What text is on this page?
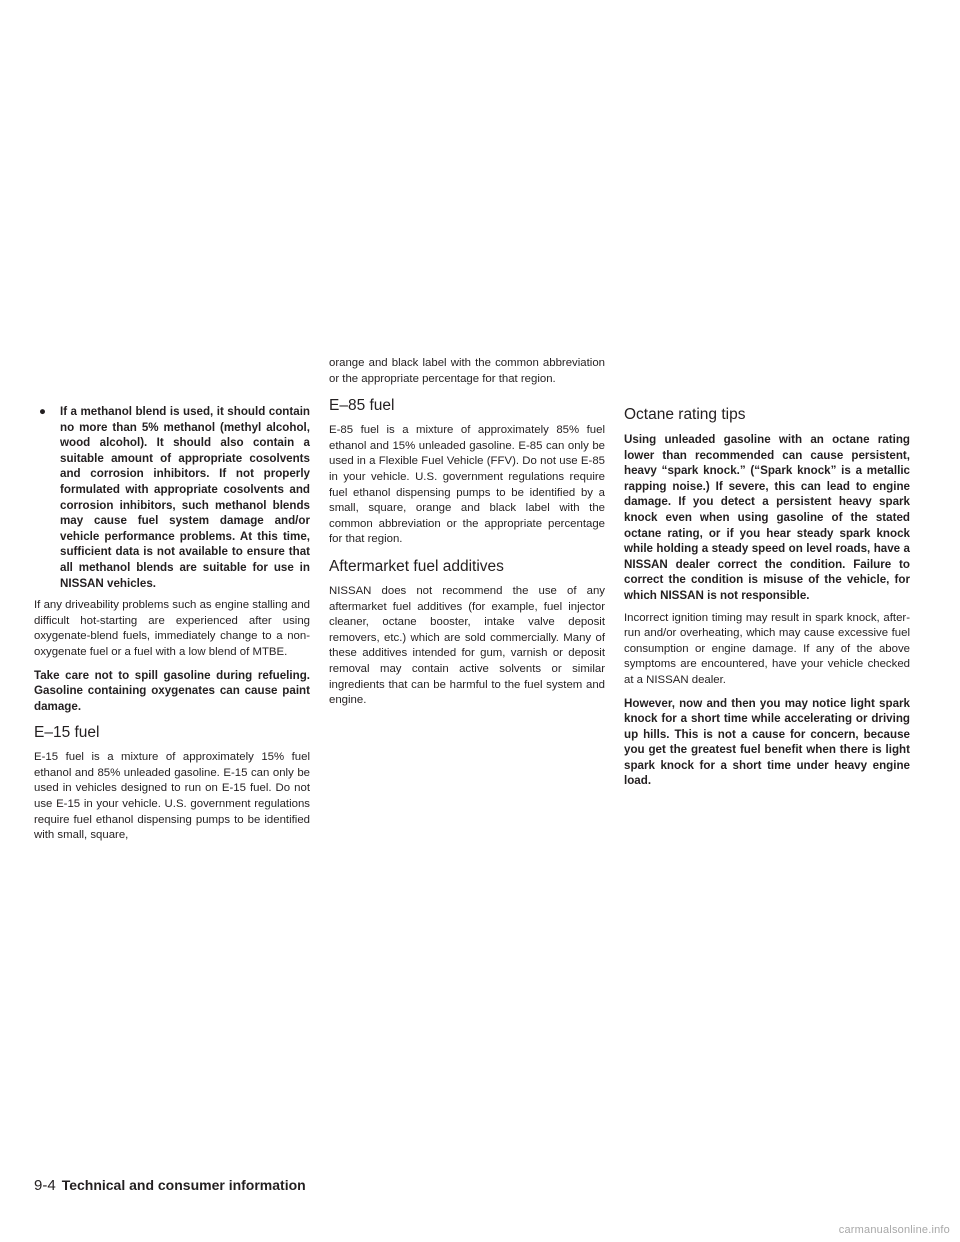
● If a methanol blend is used, it should contain no more than 5% methanol (methyl alcohol, wood alcohol). It should also contain a suitable amount of appropriate cosolvents and corrosion inhibitors. If not properly formulated with appropriate cosolvents and corrosion inhibitors, such methanol blends may cause fuel system damage and/or vehicle performance problems. At this time, sufficient data is not available to ensure that all methanol blends are suitable for use in NISSAN vehicles.

If any driveability problems such as engine stalling and difficult hot-starting are experienced after using oxygenate-blend fuels, immediately change to a non-oxygenate fuel or a fuel with a low blend of MTBE.

Take care not to spill gasoline during refueling. Gasoline containing oxygenates can cause paint damage.

E–15 fuel

E-15 fuel is a mixture of approximately 15% fuel ethanol and 85% unleaded gasoline. E-15 can only be used in vehicles designed to run on E-15 fuel. Do not use E-15 in your vehicle. U.S. government regulations require fuel ethanol dispensing pumps to be identified with small, square,

orange and black label with the common abbreviation or the appropriate percentage for that region.

E–85 fuel

E-85 fuel is a mixture of approximately 85% fuel ethanol and 15% unleaded gasoline. E-85 can only be used in a Flexible Fuel Vehicle (FFV). Do not use E-85 in your vehicle. U.S. government regulations require fuel ethanol dispensing pumps to be identified by a small, square, orange and black label with the common abbreviation or the appropriate percentage for that region.

Aftermarket fuel additives

NISSAN does not recommend the use of any aftermarket fuel additives (for example, fuel injector cleaner, octane booster, intake valve deposit removers, etc.) which are sold commercially. Many of these additives intended for gum, varnish or deposit removal may contain active solvents or similar ingredients that can be harmful to the fuel system and engine.

Octane rating tips

Using unleaded gasoline with an octane rating lower than recommended can cause persistent, heavy “spark knock.” (“Spark knock” is a metallic rapping noise.) If severe, this can lead to engine damage. If you detect a persistent heavy spark knock even when using gasoline of the stated octane rating, or if you hear steady spark knock while holding a steady speed on level roads, have a NISSAN dealer correct the condition. Failure to correct the condition is misuse of the vehicle, for which NISSAN is not responsible.

Incorrect ignition timing may result in spark knock, after-run and/or overheating, which may cause excessive fuel consumption or engine damage. If any of the above symptoms are encountered, have your vehicle checked at a NISSAN dealer.

However, now and then you may notice light spark knock for a short time while accelerating or driving up hills. This is not a cause for concern, because you get the greatest fuel benefit when there is light spark knock for a short time under heavy engine load.

9-4 Technical and consumer information
carmanualsonline.info
